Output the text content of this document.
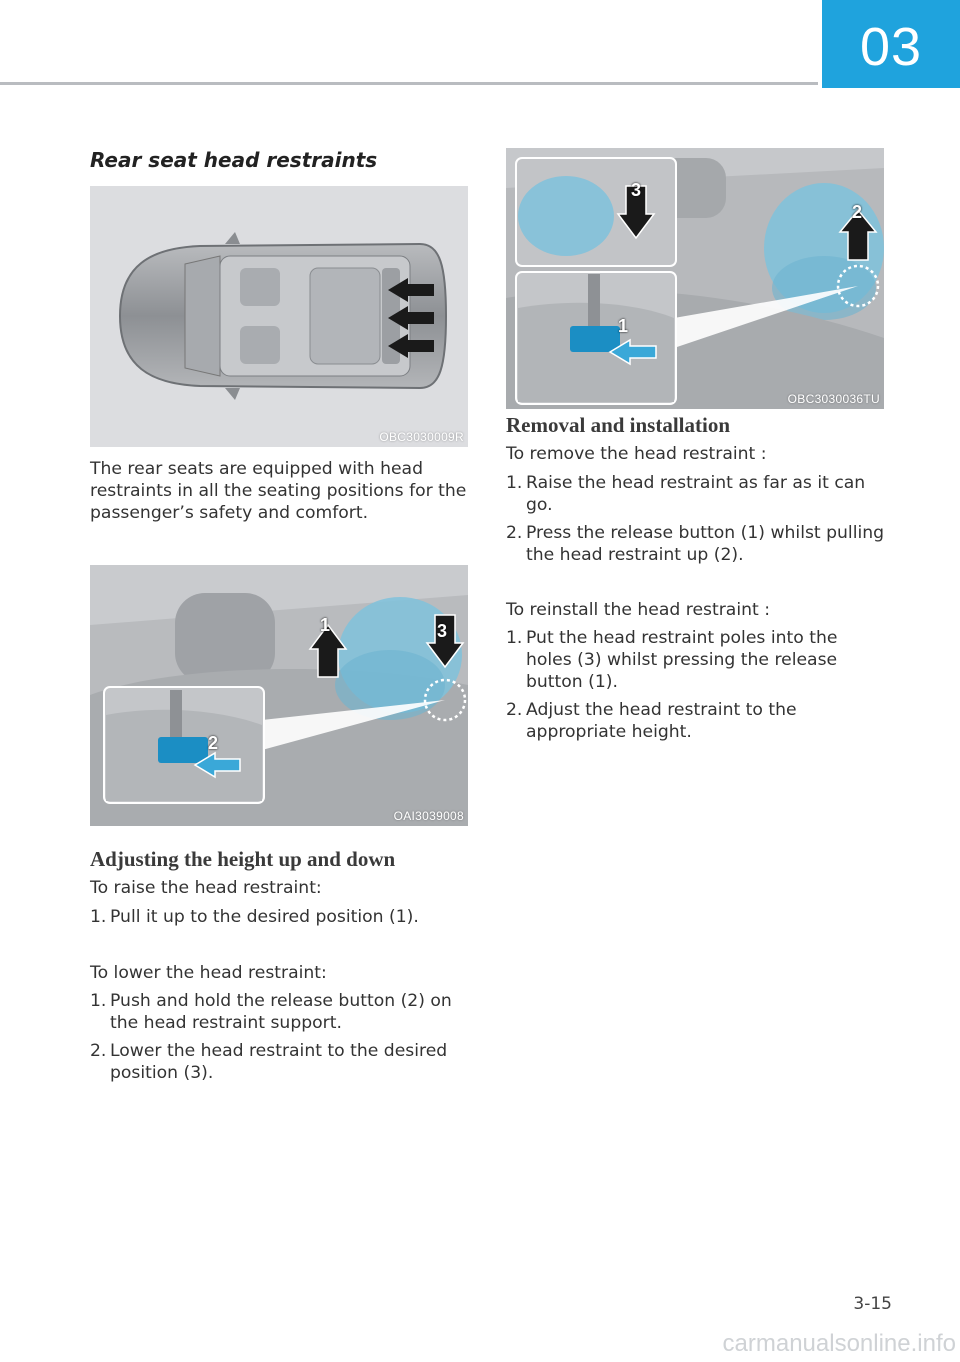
03
Rear seat head restraints
OBC3030009R
The rear seats are equipped with head restraints in all the seating positions for the passenger’s safety and comfort.
1	3
2
OAI3039008
Adjusting the height up and down
To raise the head restraint:
1. Pull it up to the desired position (1).
To lower the head restraint:
1. Push and hold the release button (2) on the head restraint support.
2. Lower the head restraint to the desired position (3).
3
2
1
OBC3030036TU
Removal and installation
To remove the head restraint :
1. Raise the head restraint as far as it can go.
2. Press the release button (1) whilst pulling the head restraint up (2).
To reinstall the head restraint :
1. Put the head restraint poles into the holes (3) whilst pressing the release button (1).
2. Adjust the head restraint to the appropriate height.
3-15
carmanualsonline.info
